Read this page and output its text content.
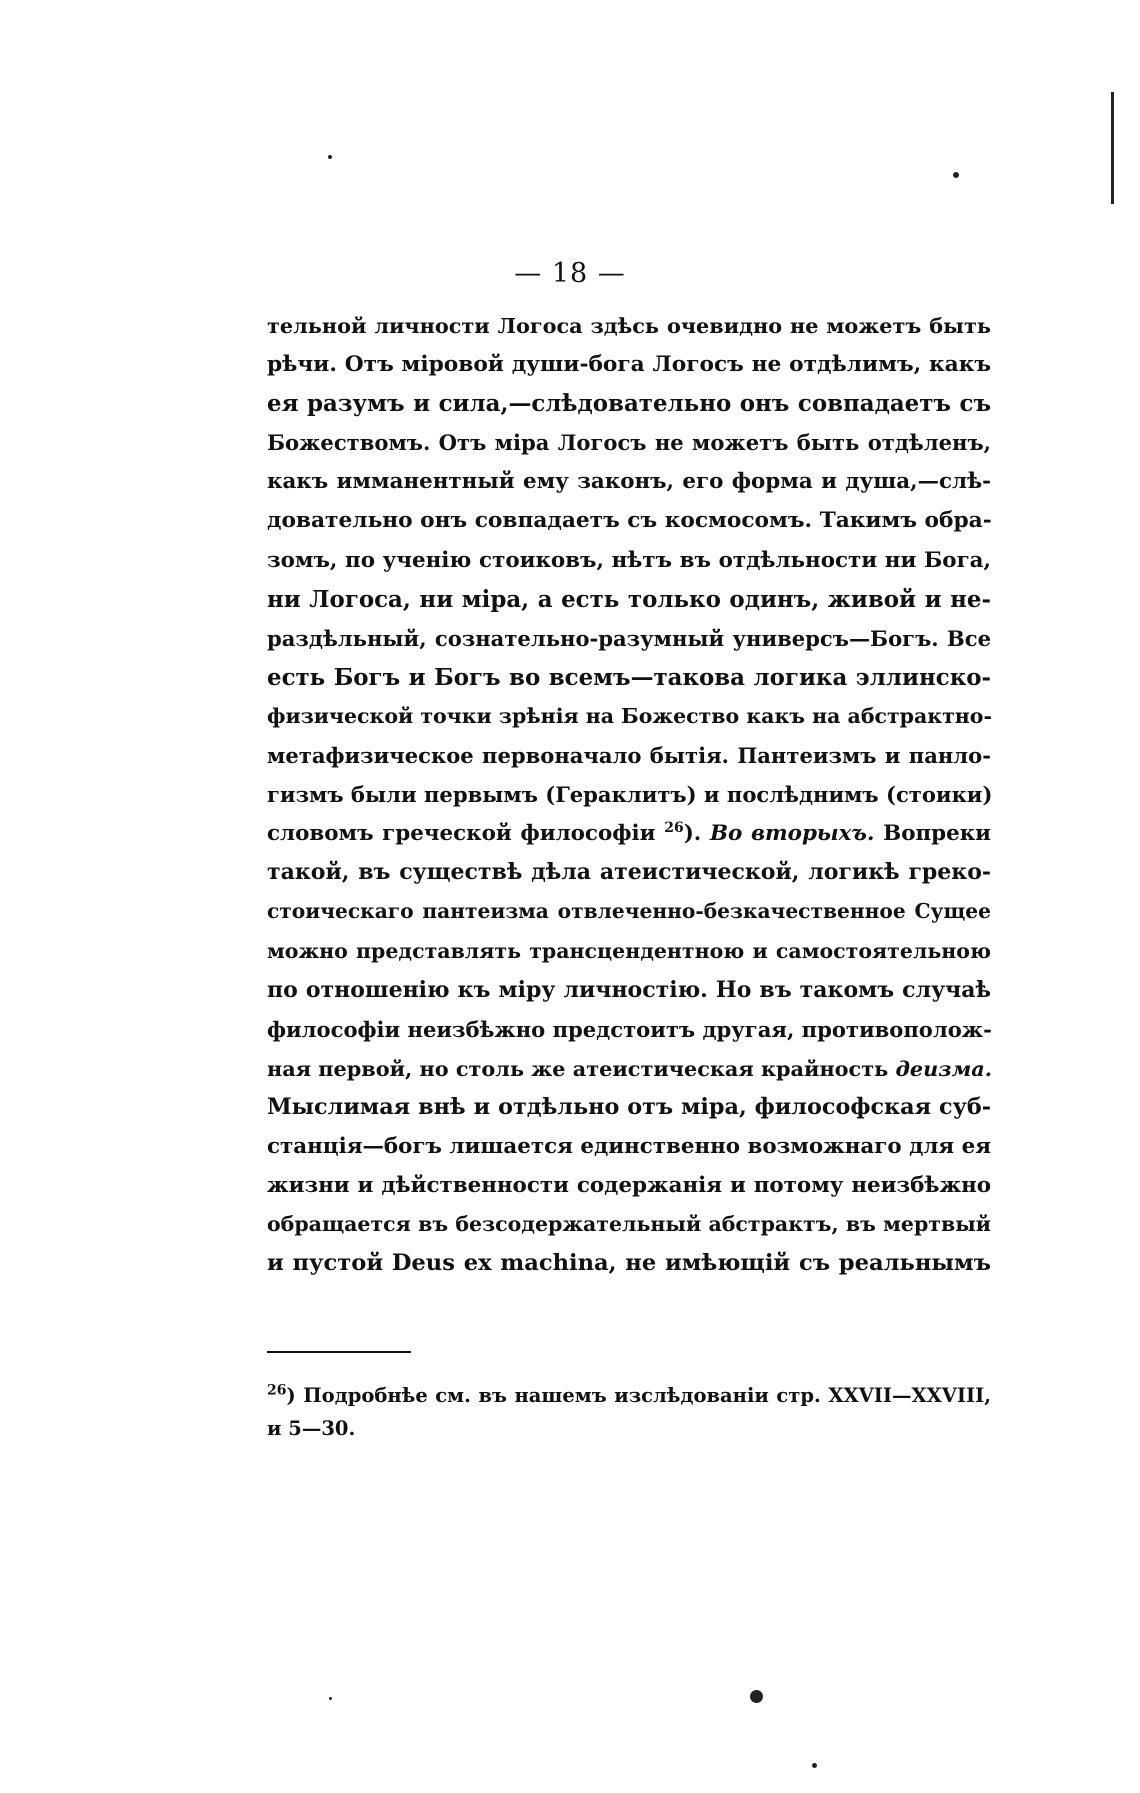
— 18 —
тельной личности Логоса здѣсь очевидно не можетъ быть
рѣчи. Отъ мiровой души-бога Логосъ не отдѣлимъ, какъ
ея разумъ и сила,—слѣдовательно онъ совпадаетъ съ
Божествомъ. Отъ мiра Логосъ не можетъ быть отдѣленъ,
какъ имманентный ему законъ, его форма и душа,—слѣ-
довательно онъ совпадаетъ съ космосомъ. Такимъ обра-
зомъ, по ученiю стоиковъ, нѣтъ въ отдѣльности ни Бога,
ни Логоса, ни мiра, а есть только одинъ, живой и не-
раздѣльный, сознательно-разумный универсъ—Богъ. Все
есть Богъ и Богъ во всемъ—такова логика эллинско-
физической точки зрѣнiя на Божество какъ на абстрактно-
метафизическое первоначало бытiя. Пантеизмъ и панло-
гизмъ были первымъ (Гераклитъ) и послѣднимъ (стоики)
словомъ греческой философiи $^{26}$). Во вторыхъ. Вопреки
такой, въ существѣ дѣла атеистической, логикѣ греко-
стоическаго пантеизма отвлеченно-безкачественное Сущее
можно представлять трансцендентною и самостоятельною
по отношенiю къ мiру личностiю. Но въ такомъ случаѣ
философiи неизбѣжно предстоитъ другая, противополож-
ная первой, но столь же атеистическая крайность деизма.
Мыслимая внѣ и отдѣльно отъ мiра, философская суб-
станцiя—богъ лишается единственно возможнаго для ея
жизни и дѣйственности содержанiя и потому неизбѣжно
обращается въ безсодержательный абстрактъ, въ мертвый
и пустой Deus ex machina, не имѣющiй съ реальнымъ
$^{26}$) Подробнѣе см. въ нашемъ изслѣдованiи стр. XXVII—XXVIII,
и 5—30.
